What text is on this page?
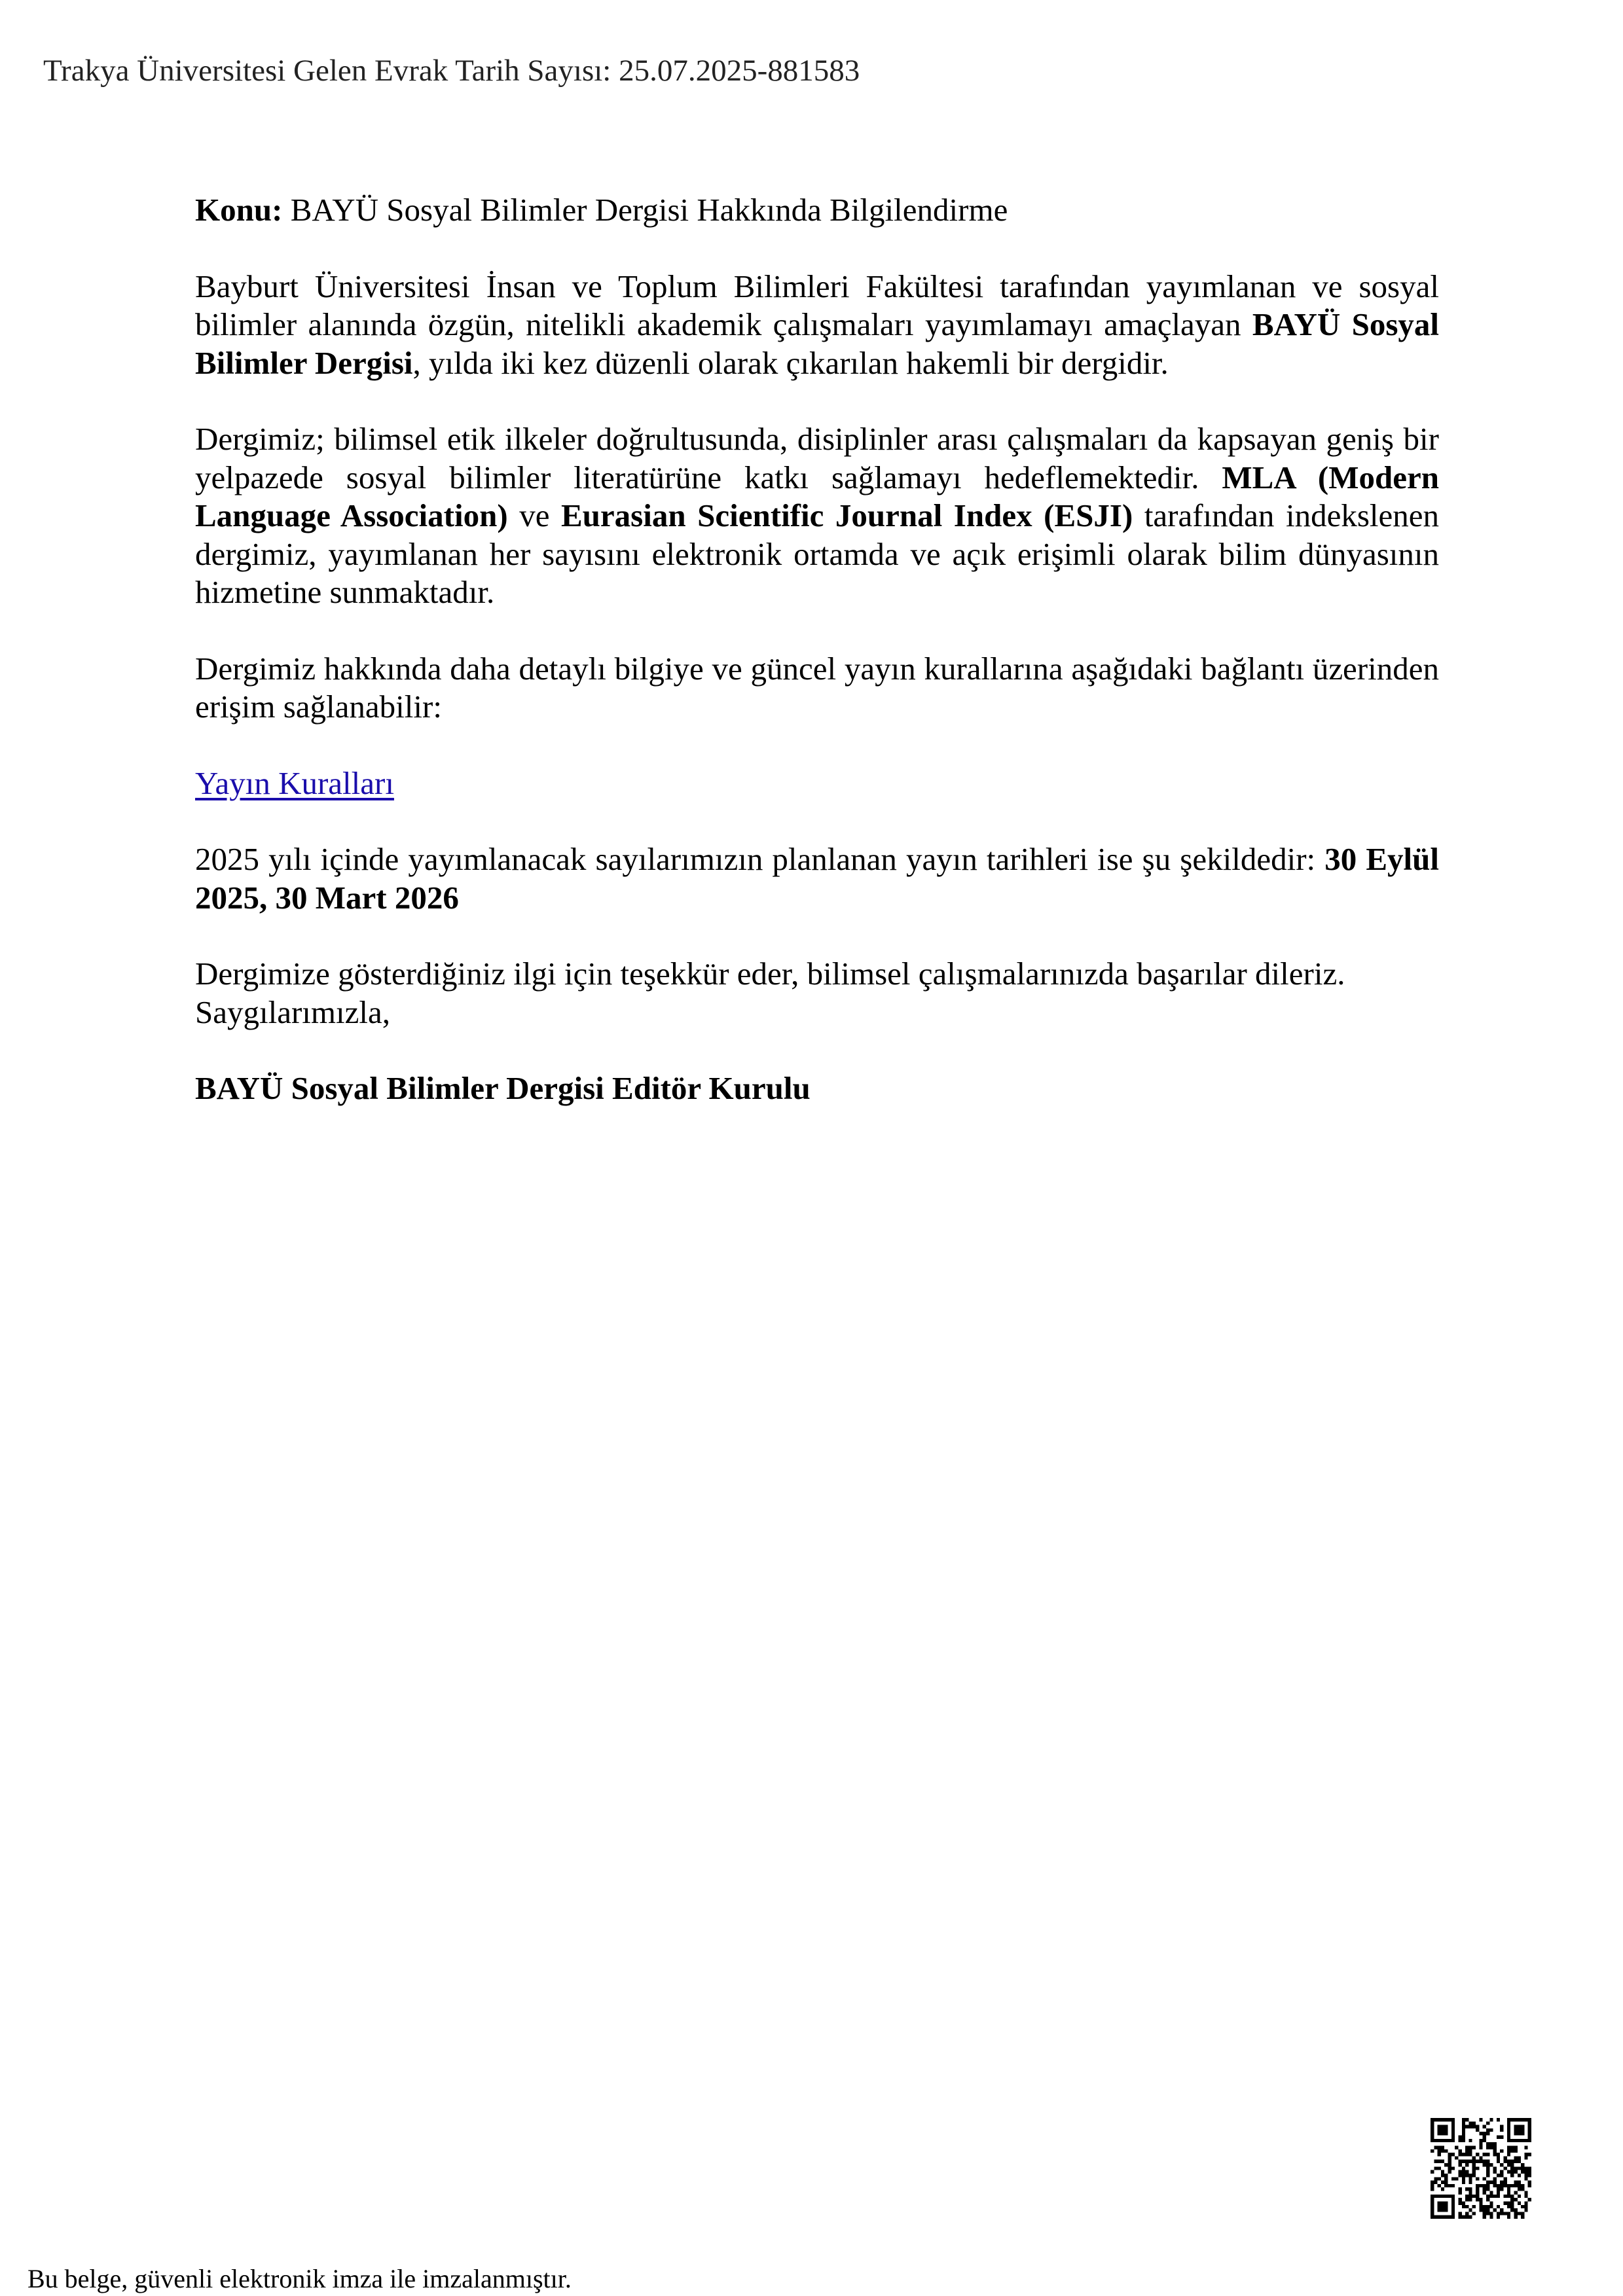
Trakya Üniversitesi Gelen Evrak Tarih Sayısı: 25.07.2025-881583

Konu: BAYÜ Sosyal Bilimler Dergisi Hakkında Bilgilendirme

Bayburt Üniversitesi İnsan ve Toplum Bilimleri Fakültesi tarafından yayımlanan ve sosyal bilimler alanında özgün, nitelikli akademik çalışmaları yayımlamayı amaçlayan BAYÜ Sosyal Bilimler Dergisi, yılda iki kez düzenli olarak çıkarılan hakemli bir dergidir.

Dergimiz; bilimsel etik ilkeler doğrultusunda, disiplinler arası çalışmaları da kapsayan geniş bir yelpazede sosyal bilimler literatürüne katkı sağlamayı hedeflemektedir. MLA (Modern Language Association) ve Eurasian Scientific Journal Index (ESJI) tarafından indekslenen dergimiz, yayımlanan her sayısını elektronik ortamda ve açık erişimli olarak bilim dünyasının hizmetine sunmaktadır.

Dergimiz hakkında daha detaylı bilgiye ve güncel yayın kurallarına aşağıdaki bağlantı üzerinden erişim sağlanabilir:

Yayın Kuralları

2025 yılı içinde yayımlanacak sayılarımızın planlanan yayın tarihleri ise şu şekildedir: 30 Eylül 2025, 30 Mart 2026

Dergimize gösterdiğiniz ilgi için teşekkür eder, bilimsel çalışmalarınızda başarılar dileriz.
Saygılarımızla,

BAYÜ Sosyal Bilimler Dergisi Editör Kurulu

Bu belge, güvenli elektronik imza ile imzalanmıştır.
